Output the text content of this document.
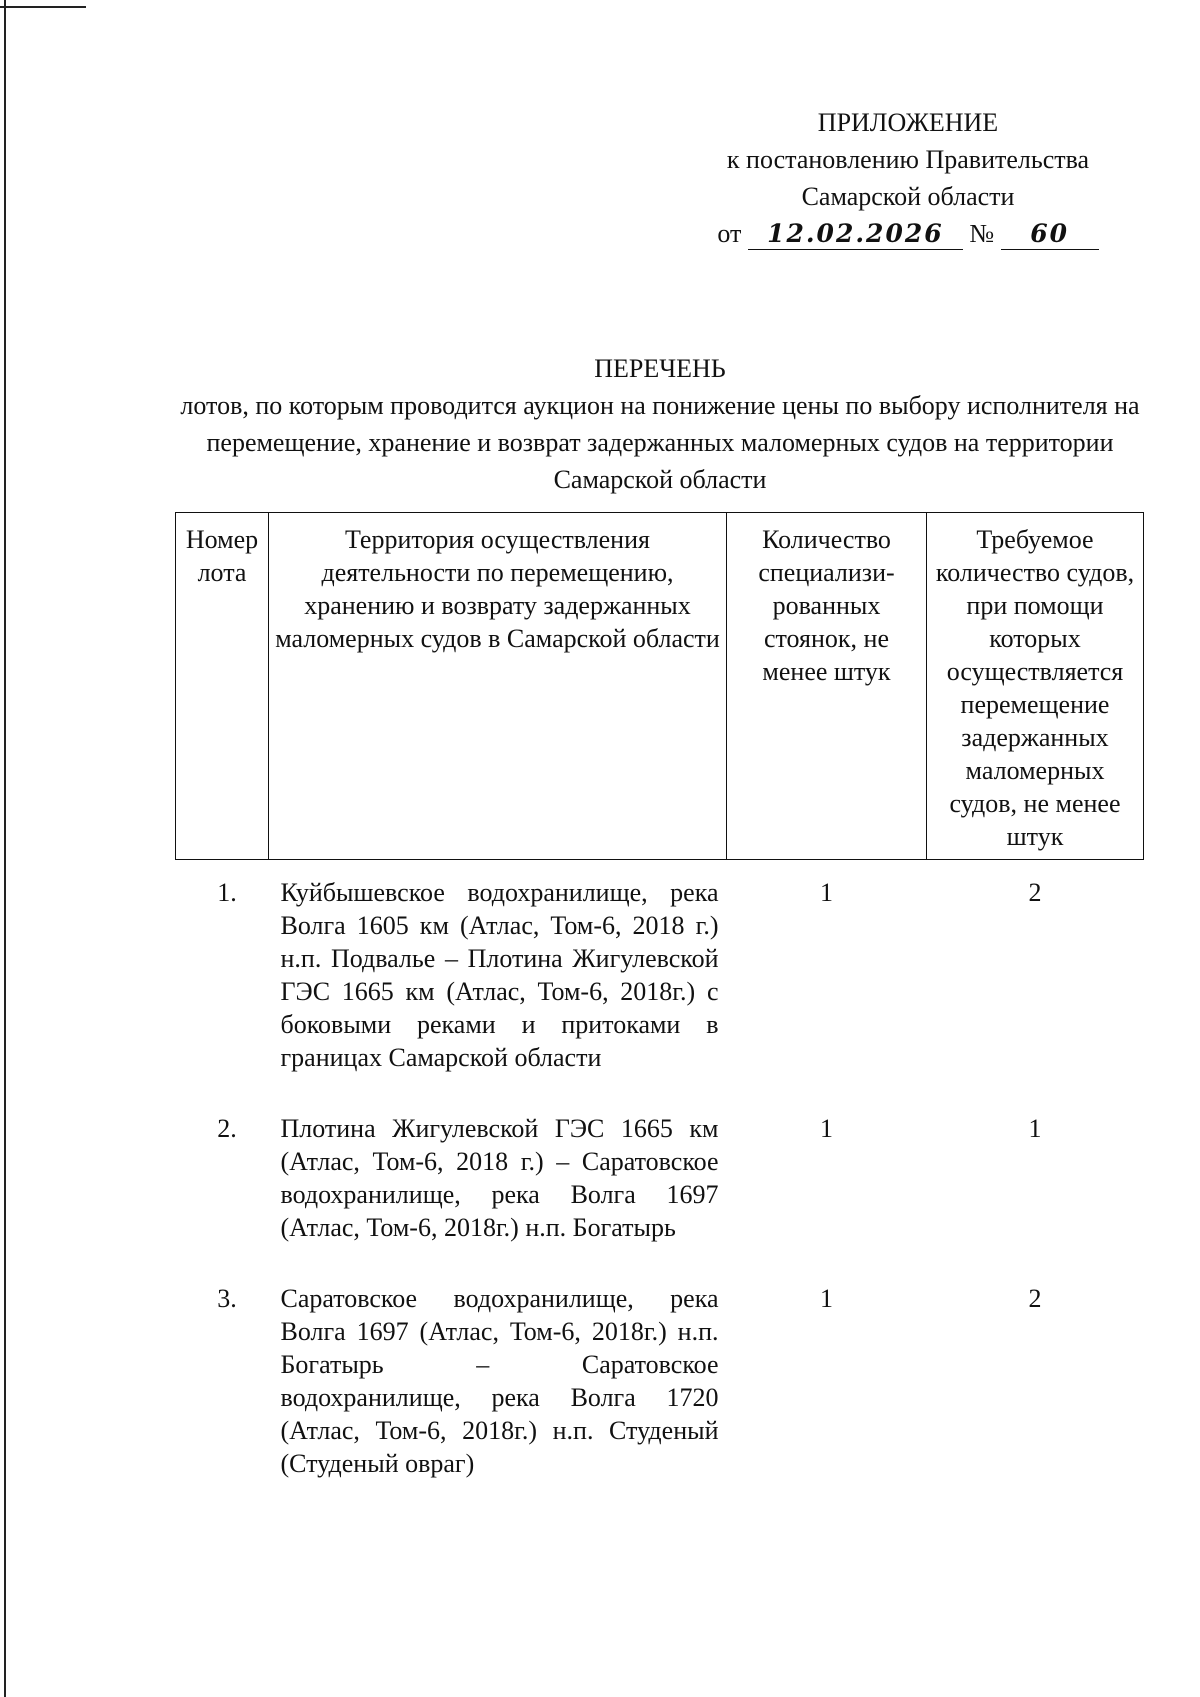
ПРИЛОЖЕНИЕ
к постановлению Правительства
Самарской области
от 12.02.2026 № 60
ПЕРЕЧЕНЬ
лотов, по которым проводится аукцион на понижение цены по выбору исполнителя на перемещение, хранение и возврат задержанных маломерных судов на территории Самарской области
Номер лота	Территория осуществления деятельности по перемещению, хранению и возврату задержанных маломерных судов в Самарской области	Количество специализи-рованных стоянок, не менее штук	Требуемое количество судов, при помощи которых осуществляется перемещение задержанных маломерных судов, не менее штук
1.	Куйбышевское водохранилище, река Волга 1605 км (Атлас, Том-6, 2018 г.) н.п. Подвалье – Плотина Жигулевской ГЭС 1665 км (Атлас, Том-6, 2018г.) с боковыми реками и притоками в границах Самарской области	1	2
2.	Плотина Жигулевской ГЭС 1665 км (Атлас, Том-6, 2018 г.) – Саратовское водохранилище, река Волга 1697 (Атлас, Том-6, 2018г.) н.п. Богатырь	1	1
3.	Саратовское водохранилище, река Волга 1697 (Атлас, Том-6, 2018г.) н.п. Богатырь – Саратовское водохранилище, река Волга 1720 (Атлас, Том-6, 2018г.) н.п. Студеный (Студеный овраг)	1	2
